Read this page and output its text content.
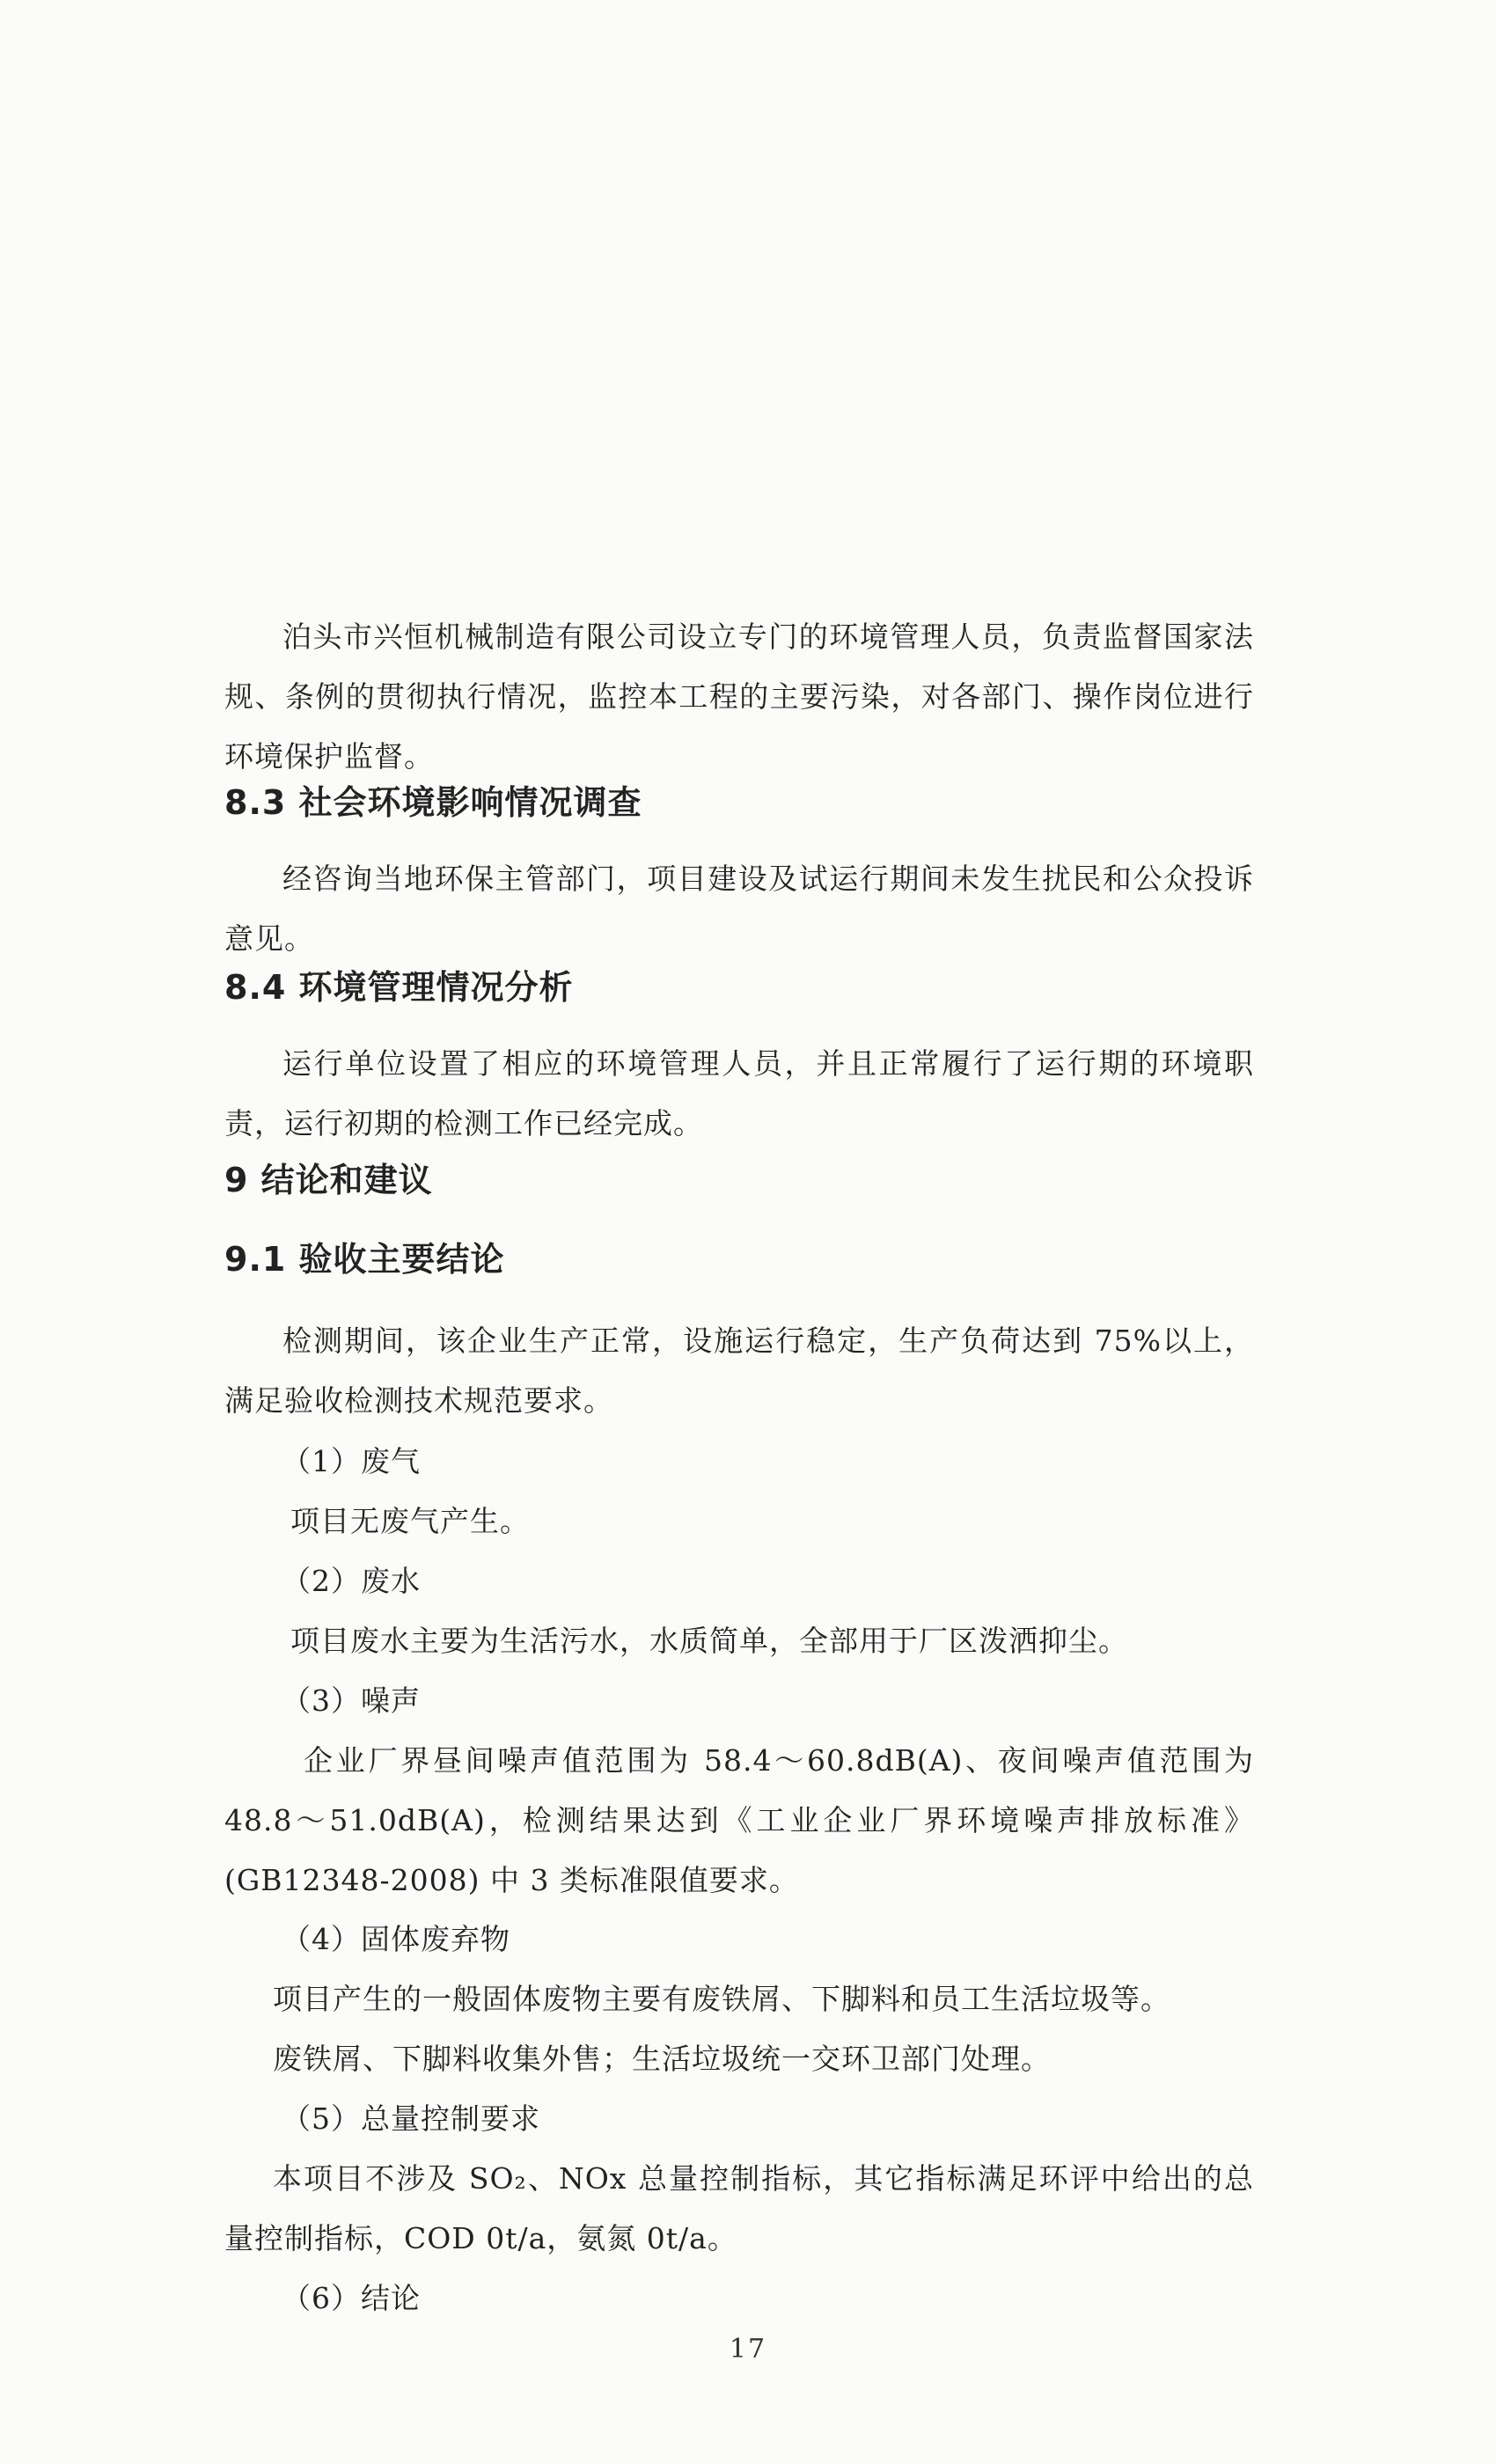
泊头市兴恒机械制造有限公司设立专门的环境管理人员，负责监督国家法规、条例的贯彻执行情况，监控本工程的主要污染，对各部门、操作岗位进行环境保护监督。

8.3 社会环境影响情况调查

经咨询当地环保主管部门，项目建设及试运行期间未发生扰民和公众投诉意见。

8.4 环境管理情况分析

运行单位设置了相应的环境管理人员，并且正常履行了运行期的环境职责，运行初期的检测工作已经完成。

9 结论和建议
9.1 验收主要结论

检测期间，该企业生产正常，设施运行稳定，生产负荷达到 75%以上，满足验收检测技术规范要求。

（1）废气

项目无废气产生。

（2）废水

项目废水主要为生活污水，水质简单，全部用于厂区泼洒抑尘。

（3）噪声

企业厂界昼间噪声值范围为 58.4～60.8dB(A)、夜间噪声值范围为 48.8～51.0dB(A)，检测结果达到《工业企业厂界环境噪声排放标准》(GB12348-2008) 中 3 类标准限值要求。

（4）固体废弃物

项目产生的一般固体废物主要有废铁屑、下脚料和员工生活垃圾等。

废铁屑、下脚料收集外售；生活垃圾统一交环卫部门处理。

（5）总量控制要求

本项目不涉及 SO₂、NOx 总量控制指标，其它指标满足环评中给出的总量控制指标，COD 0t/a，氨氮 0t/a。

（6）结论

17
